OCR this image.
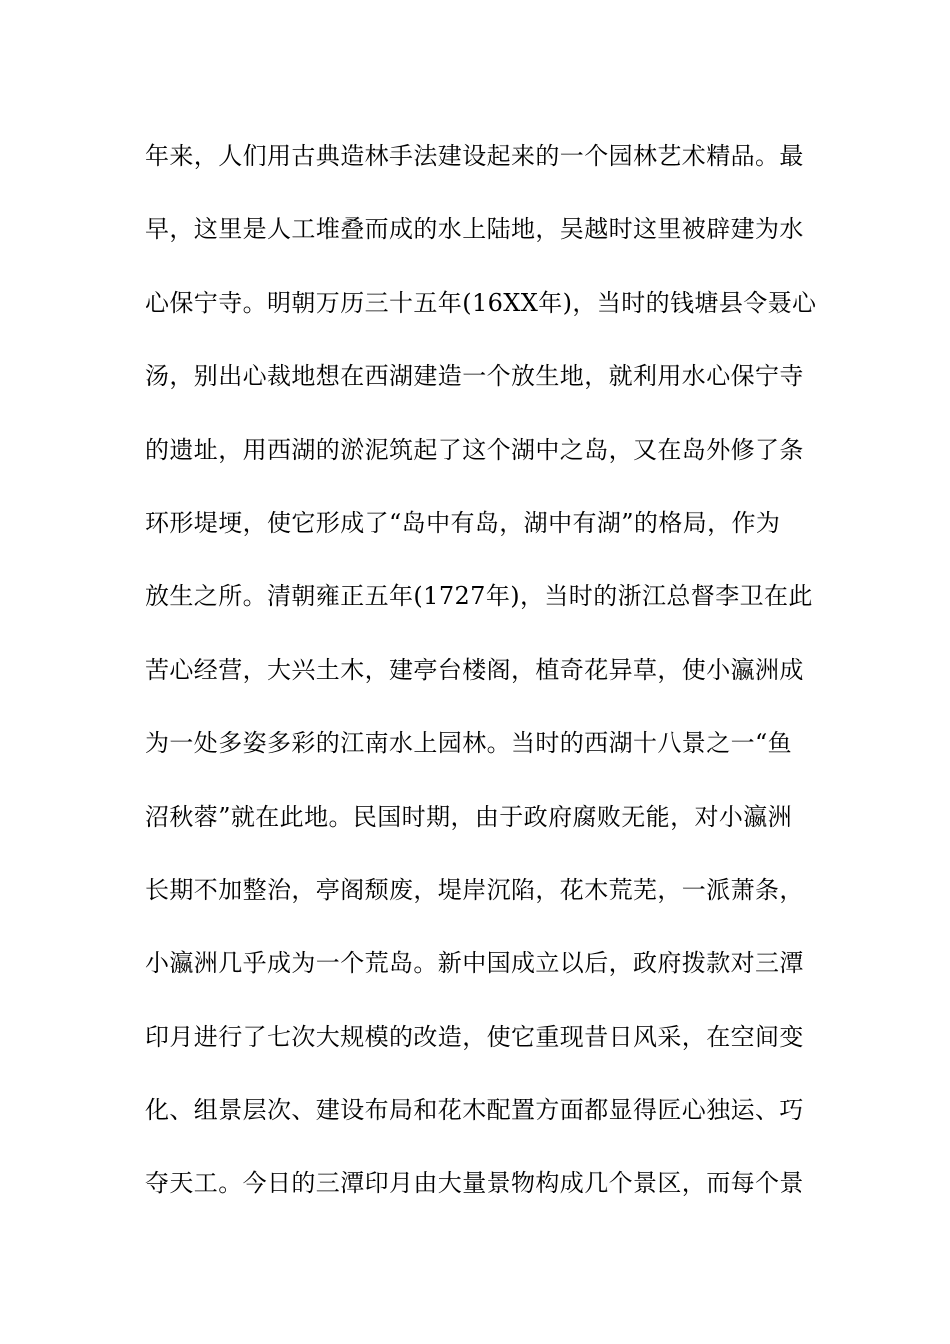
年来，人们用古典造林手法建设起来的一个园林艺术精品。最
早，这里是人工堆叠而成的水上陆地，吴越时这里被辟建为水
心保宁寺。明朝万历三十五年(16XX年)，当时的钱塘县令聂心
汤，别出心裁地想在西湖建造一个放生地，就利用水心保宁寺
的遗址，用西湖的淤泥筑起了这个湖中之岛，又在岛外修了条
环形堤埂，使它形成了“岛中有岛，湖中有湖”的格局，作为
放生之所。清朝雍正五年(1727年)，当时的浙江总督李卫在此
苦心经营，大兴土木，建亭台楼阁，植奇花异草，使小瀛洲成
为一处多姿多彩的江南水上园林。当时的西湖十八景之一“鱼
沼秋蓉”就在此地。民国时期，由于政府腐败无能，对小瀛洲
长期不加整治，亭阁颓废，堤岸沉陷，花木荒芜，一派萧条，
小瀛洲几乎成为一个荒岛。新中国成立以后，政府拨款对三潭
印月进行了七次大规模的改造，使它重现昔日风采，在空间变
化、组景层次、建设布局和花木配置方面都显得匠心独运、巧
夺天工。今日的三潭印月由大量景物构成几个景区，而每个景
